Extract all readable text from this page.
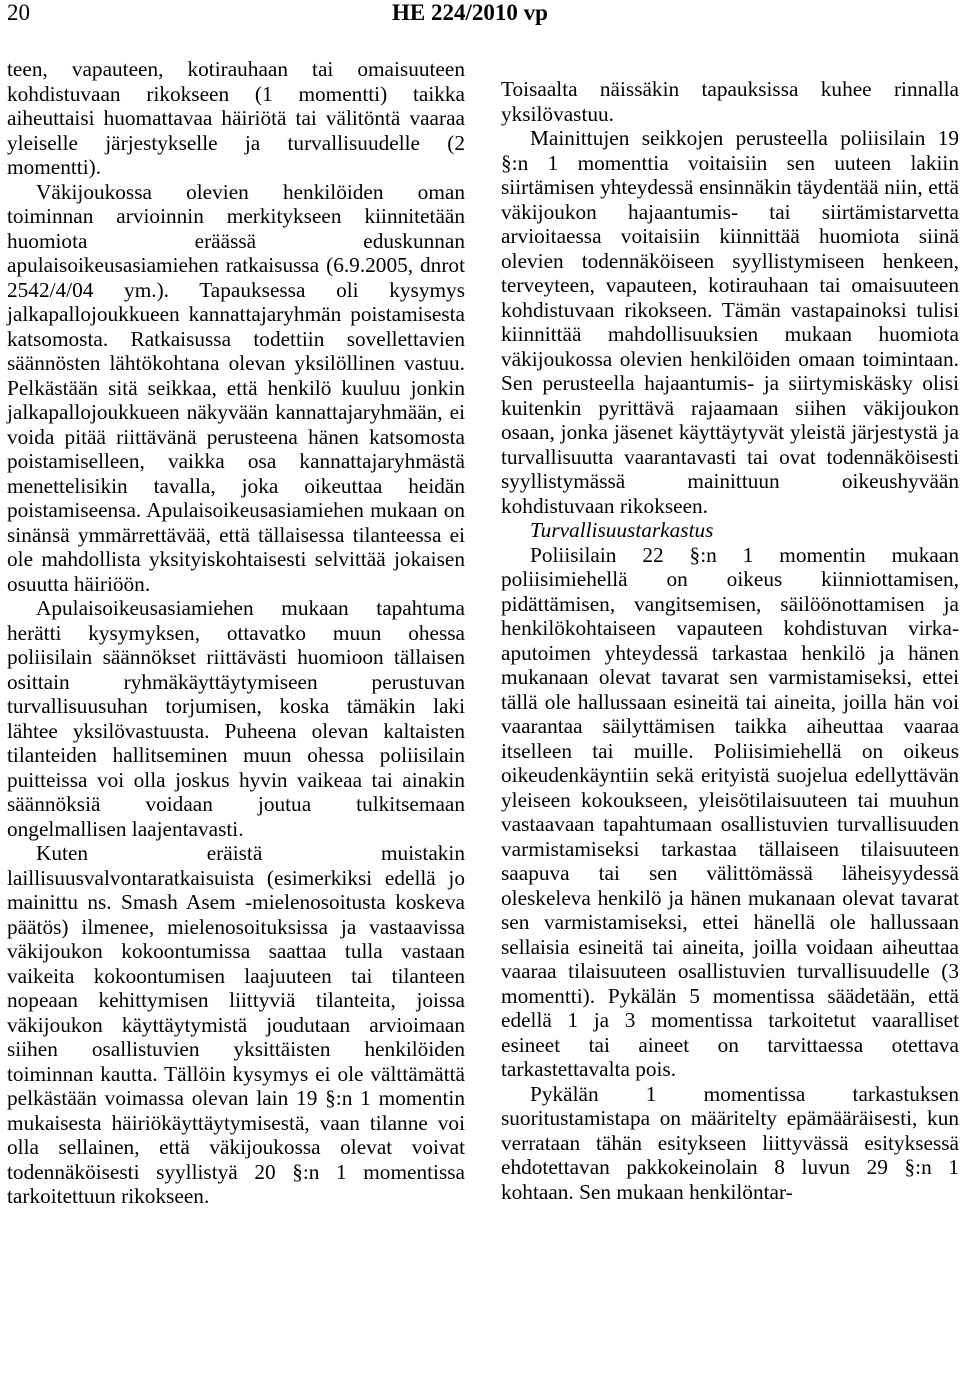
20	HE 224/2010 vp

teen, vapauteen, kotirauhaan tai omaisuuteen kohdistuvaan rikokseen (1 momentti) taikka aiheuttaisi huomattavaa häiriötä tai välitöntä vaaraa yleiselle järjestykselle ja turvallisuudelle (2 momentti).

Väkijoukossa olevien henkilöiden oman toiminnan arvioinnin merkitykseen kiinnitetään huomiota eräässä eduskunnan apulaisoikeusasiamiehen ratkaisussa (6.9.2005, dnrot 2542/4/04 ym.). Tapauksessa oli kysymys jalkapallojoukkueen kannattajaryhmän poistamisesta katsomosta. Ratkaisussa todettiin sovellettavien säännösten lähtökohtana olevan yksilöllinen vastuu. Pelkästään sitä seikkaa, että henkilö kuuluu jonkin jalkapallojoukkueen näkyvään kannattajaryhmään, ei voida pitää riittävänä perusteena hänen katsomosta poistamiselleen, vaikka osa kannattajaryhmästä menettelisikin tavalla, joka oikeuttaa heidän poistamiseensa. Apulaisoikeusasiamiehen mukaan on sinänsä ymmärrettävää, että tällaisessa tilanteessa ei ole mahdollista yksityiskohtaisesti selvittää jokaisen osuutta häiriöön.

Apulaisoikeusasiamiehen mukaan tapahtuma herätti kysymyksen, ottavatko muun ohessa poliisilain säännökset riittävästi huomioon tällaisen osittain ryhmäkäyttäytymiseen perustuvan turvallisuusuhan torjumisen, koska tämäkin laki lähtee yksilövastuusta. Puheena olevan kaltaisten tilanteiden hallitseminen muun ohessa poliisilain puitteissa voi olla joskus hyvin vaikeaa tai ainakin säännöksiä voidaan joutua tulkitsemaan ongelmallisen laajentavasti.

Kuten eräistä muistakin laillisuusvalvontaratkaisuista (esimerkiksi edellä jo mainittu ns. Smash Asem -mielenosoitusta koskeva päätös) ilmenee, mielenosoituksissa ja vastaavissa väkijoukon kokoontumissa saattaa tulla vastaan vaikeita kokoontumisen laajuuteen tai tilanteen nopeaan kehittymisen liittyviä tilanteita, joissa väkijoukon käyttäytymistä joudutaan arvioimaan siihen osallistuvien yksittäisten henkilöiden toiminnan kautta. Tällöin kysymys ei ole välttämättä pelkästään voimassa olevan lain 19 §:n 1 momentin mukaisesta häiriökäyttäytymisestä, vaan tilanne voi olla sellainen, että väkijoukossa olevat voivat todennäköisesti syyllistyä 20 §:n 1 momentissa tarkoitettuun rikokseen.

Toisaalta näissäkin tapauksissa kuhee rinnalla yksilövastuu.

Mainittujen seikkojen perusteella poliisilain 19 §:n 1 momenttia voitaisiin sen uuteen lakiin siirtämisen yhteydessä ensinnäkin täydentää niin, että väkijoukon hajaantumis- tai siirtämistarvetta arvioitaessa voitaisiin kiinnittää huomiota siinä olevien todennäköiseen syyllistymiseen henkeen, terveyteen, vapauteen, kotirauhaan tai omaisuuteen kohdistuvaan rikokseen. Tämän vastapainoksi tulisi kiinnittää mahdollisuuksien mukaan huomiota väkijoukossa olevien henkilöiden omaan toimintaan. Sen perusteella hajaantumis- ja siirtymiskäsky olisi kuitenkin pyrittävä rajaamaan siihen väkijoukon osaan, jonka jäsenet käyttäytyvät yleistä järjestystä ja turvallisuutta vaarantavasti tai ovat todennäköisesti syyllistymässä mainittuun oikeushyvään kohdistuvaan rikokseen.

Turvallisuustarkastus

Poliisilain 22 §:n 1 momentin mukaan poliisimiehellä on oikeus kiinniottamisen, pidättämisen, vangitsemisen, säilöönottamisen ja henkilökohtaiseen vapauteen kohdistuvan virka-aputoimen yhteydessä tarkastaa henkilö ja hänen mukanaan olevat tavarat sen varmistamiseksi, ettei tällä ole hallussaan esineitä tai aineita, joilla hän voi vaarantaa säilyttämisen taikka aiheuttaa vaaraa itselleen tai muille. Poliisimiehellä on oikeus oikeudenkäyntiin sekä erityistä suojelua edellyttävän yleiseen kokoukseen, yleisötilaisuuteen tai muuhun vastaavaan tapahtumaan osallistuvien turvallisuuden varmistamiseksi tarkastaa tällaiseen tilaisuuteen saapuva tai sen välittömässä läheisyydessä oleskeleva henkilö ja hänen mukanaan olevat tavarat sen varmistamiseksi, ettei hänellä ole hallussaan sellaisia esineitä tai aineita, joilla voidaan aiheuttaa vaaraa tilaisuuteen osallistuvien turvallisuudelle (3 momentti). Pykälän 5 momentissa säädetään, että edellä 1 ja 3 momentissa tarkoitetut vaaralliset esineet tai aineet on tarvittaessa otettava tarkastettavalta pois.

Pykälän 1 momentissa tarkastuksen suoritustamistapa on määritelty epämääräisesti, kun verrataan tähän esitykseen liittyvässä esityksessä ehdotettavan pakkokeinolain 8 luvun 29 §:n 1 kohtaan. Sen mukaan henkilöntar-
